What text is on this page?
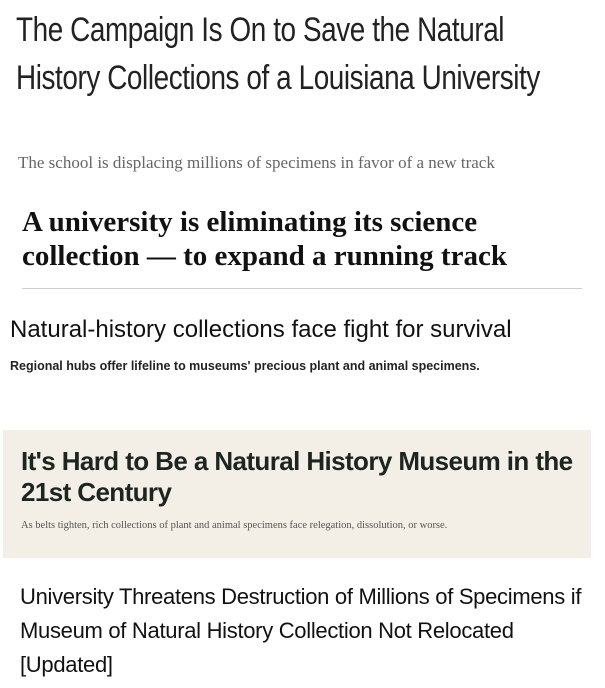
The Campaign Is On to Save the Natural History Collections of a Louisiana University
The school is displacing millions of specimens in favor of a new track
A university is eliminating its science collection — to expand a running track
Natural-history collections face fight for survival
Regional hubs offer lifeline to museums' precious plant and animal specimens.
It's Hard to Be a Natural History Museum in the 21st Century
As belts tighten, rich collections of plant and animal specimens face relegation, dissolution, or worse.
University Threatens Destruction of Millions of Specimens if Museum of Natural History Collection Not Relocated [Updated]
